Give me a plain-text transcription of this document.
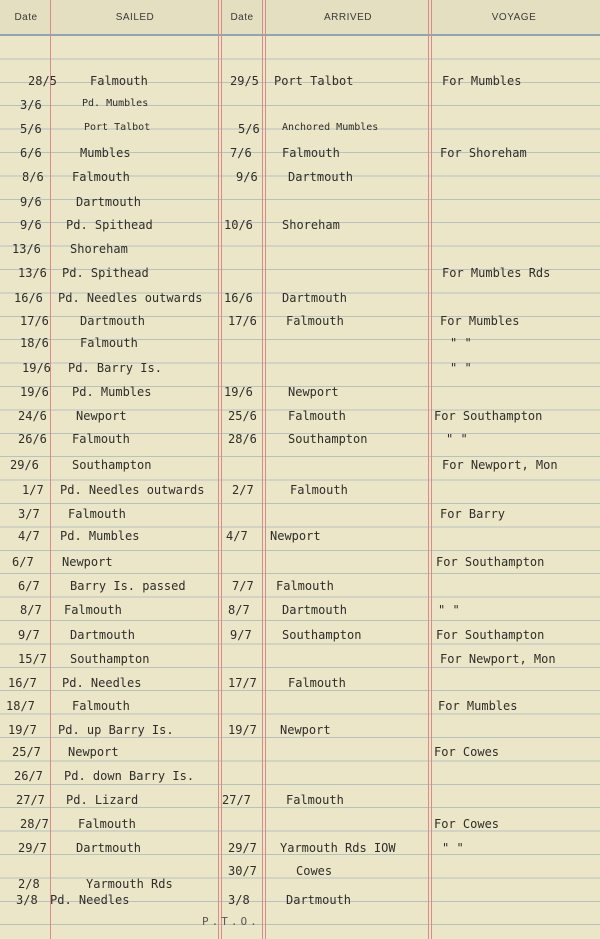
Date	SAILED	Date	ARRIVED	VOYAGE
28/5	Falmouth	29/5 Port Talbot	For Mumbles
3/6	Pd. Mumbles
5/6	Port Talbot	5/6 Anchored Mumbles
6/6	Mumbles	7/6	Falmouth	For Shoreham
8/6 Falmouth	9/6	Dartmouth
9/6	Dartmouth
9/6 Pd. Spithead	10/6 Shoreham
13/6 Shoreham
13/6 Pd. Spithead	For Mumbles Rds
16/6 Pd. Needles outwards 16/6 Dartmouth
17/6	Dartmouth	17/6 Falmouth	For Mumbles
18/6	Falmouth	" "
19/6 Pd. Barry Is.	" "
19/6 Pd. Mumbles	19/6	Newport
24/6 Newport	25/6	Falmouth	For Southampton
26/6 Falmouth	28/6	Southampton	" "
29/6	Southampton	For Newport, Mon
1/7 Pd. Needles outwards 2/7	Falmouth
3/7 Falmouth	For Barry
4/7 Pd. Mumbles	4/7 Newport
6/7 Newport	For Southampton
6/7	Barry Is. passed	7/7 Falmouth
8/7 Falmouth	8/7	Dartmouth	" "
9/7	Dartmouth	9/7	Southampton	For Southampton
15/7 Southampton	For Newport, Mon
16/7 Pd. Needles	17/7	Falmouth
18/7	Falmouth	For Mumbles
19/7 Pd. up Barry Is.	19/7 Newport
25/7 Newport	For Cowes
26/7 Pd. down Barry Is.
27/7 Pd. Lizard	27/7	Falmouth
28/7 Falmouth	For Cowes
29/7 Dartmouth	29/7 Yarmouth Rds IOW	" "
30/7	Cowes
2/8	Yarmouth Rds
3/8 Pd. Needles	3/8	Dartmouth
P.T.O.
